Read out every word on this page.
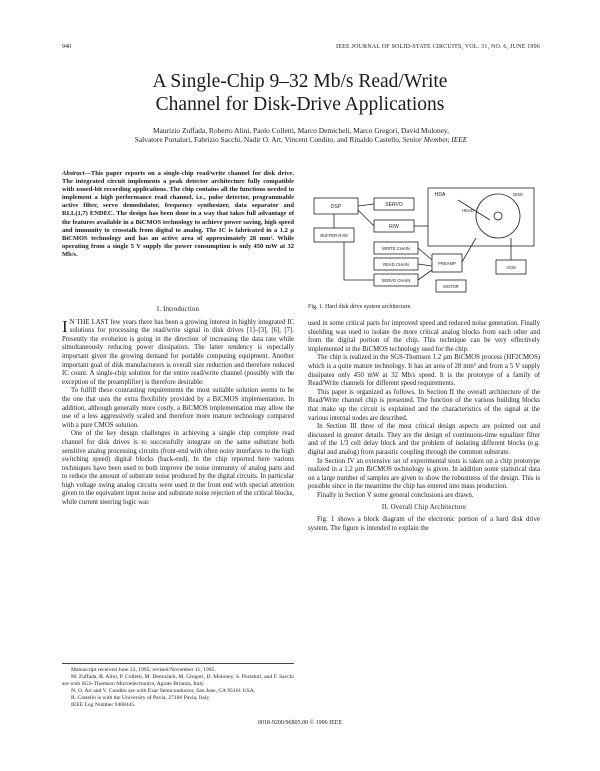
940	IEEE JOURNAL OF SOLID-STATE CIRCUITS, VOL. 31, NO. 6, JUNE 1996
A Single-Chip 9–32 Mb/s Read/Write
Channel for Disk-Drive Applications
Maurizio Zuffada, Roberto Alini, Paolo Colletti, Marco Demicheli, Marco Gregori, David Moloney,
Salvatore Portaluri, Fabrizio Sacchi, Nadir O. Art, Vincent Condito, and Rinaldo Castello, Senior Member, IEEE
Abstract—This paper reports on a single-chip read/write channel for disk drive. The integrated circuit implements a peak detector architecture fully compatible with zoned-bit recording applications. The chip contains all the functions needed to implement a high performance read channel, i.e., pulse detector, programmable active filter, servo demodulator, frequency synthesizer, data separator and RLL(1,7) ENDEC. The design has been done in a way that takes full advantage of the features available in a BiCMOS technology to achieve power saving, high speed and immunity to crosstalk from digital to analog. The IC is fabricated in a 1.2 µ BiCMOS technology and has an active area of approximately 28 mm². While operating from a single 5 V supply the power consumption is only 450 mW at 32 Mb/s.
I. Introduction

I N THE LAST few years there has been a growing interest in highly integrated IC solutions for processing the read/write signal in disk drives [1]–[3], [6], [7]. Presently the evolution is going in the direction of increasing the data rate while simultaneously reducing power dissipation. The latter tendency is especially important given the growing demand for portable computing equipment. Another important goal of disk manufacturers is overall size reduction and therefore reduced IC count. A single-chip solution for the entire read/write channel (possibly with the exception of the preamplifier) is therefore desirable.

To fulfill these contrasting requirements the most suitable solution seems to be the one that uses the extra flexibility provided by a BiCMOS implementation. In addition, although generally more costly, a BiCMOS implementation may allow the use of a less aggressively scaled and therefore more mature technology compared with a pure CMOS solution.

One of the key design challenges in achieving a single chip complete read channel for disk drives is to successfully integrate on the same substrate both sensitive analog processing circuits (front-end with often noisy interfaces to the high switching speed) digital blocks (back-end). In the chip reported here various techniques have been used to both improve the noise immunity of analog parts and to reduce the amount of substrate noise produced by the digital circuits. In particular high voltage swing analog circuits were used in the front end with special attention given to the equivalent input noise and substrate noise rejection of the critical blocks, while current steering logic was

Manuscript received June 22, 1995; revised November 11, 1995.
M. Zuffada, R. Alini, P. Colletti, M. Demicheli, M. Gregori, D. Moloney, S. Portaluri, and F. Sacchi are with SGS-Thomson Microelectronics, Agrate Brianza, Italy.
N. O. Art and V. Condito are with Exar Semiconductor, San Jose, CA 95161 USA.
R. Castello is with the University of Pavia, 27100 Pavia, Italy.
IEEE Log Number 9408445.
DSP	SERVO
R/W
HDA
BUFFER RAM
WRITE CHAIN
READ CHAIN
SERVO CHAIN
PREAMP
DISK
HEAD
VCM
MOTOR
Fig. 1. Hard disk drive system architecture.

used in some critical parts for improved speed and reduced noise generation. Finally shielding was used to isolate the more critical analog blocks from each other and from the digital portion of the chip. This technique can be very effectively implemented in the BiCMOS technology used for the chip.

The chip is realized in the SGS-Thomson 1.2 µm BiCMOS process (HF2CMOS) which is a quite mature technology. It has an area of 28 mm² and from a 5 V supply dissipates only 450 mW at 32 Mb/s speed. It is the prototype of a family of Read/Write channels for different speed requirements.

This paper is organized as follows. In Section II the overall architecture of the Read/Write channel chip is presented. The function of the various building blocks that make up the circuit is explained and the characteristics of the signal at the various internal nodes are described.

In Section III three of the most critical design aspects are pointed out and discussed in greater details. They are the design of continuous-time equalizer filter and of the 1/3 cell delay block and the problem of isolating different blocks (e.g. digital and analog) from parasitic coupling through the common substrate.

In Section IV an extensive set of experimental tests is taken on a chip prototype realized in a 1.2 µm BiCMOS technology is given. In addition some statistical data on a large number of samples are given to show the robustness of the design. This is possible since in the meantime the chip has entered into mass production.

Finally in Section V some general conclusions are drawn.

II. Overall Chip Architecture

Fig. 1 shows a block diagram of the electronic portion of a hard disk drive system. The figure is intended to explain the

0018-9200/96$05.00 © 1996 IEEE
